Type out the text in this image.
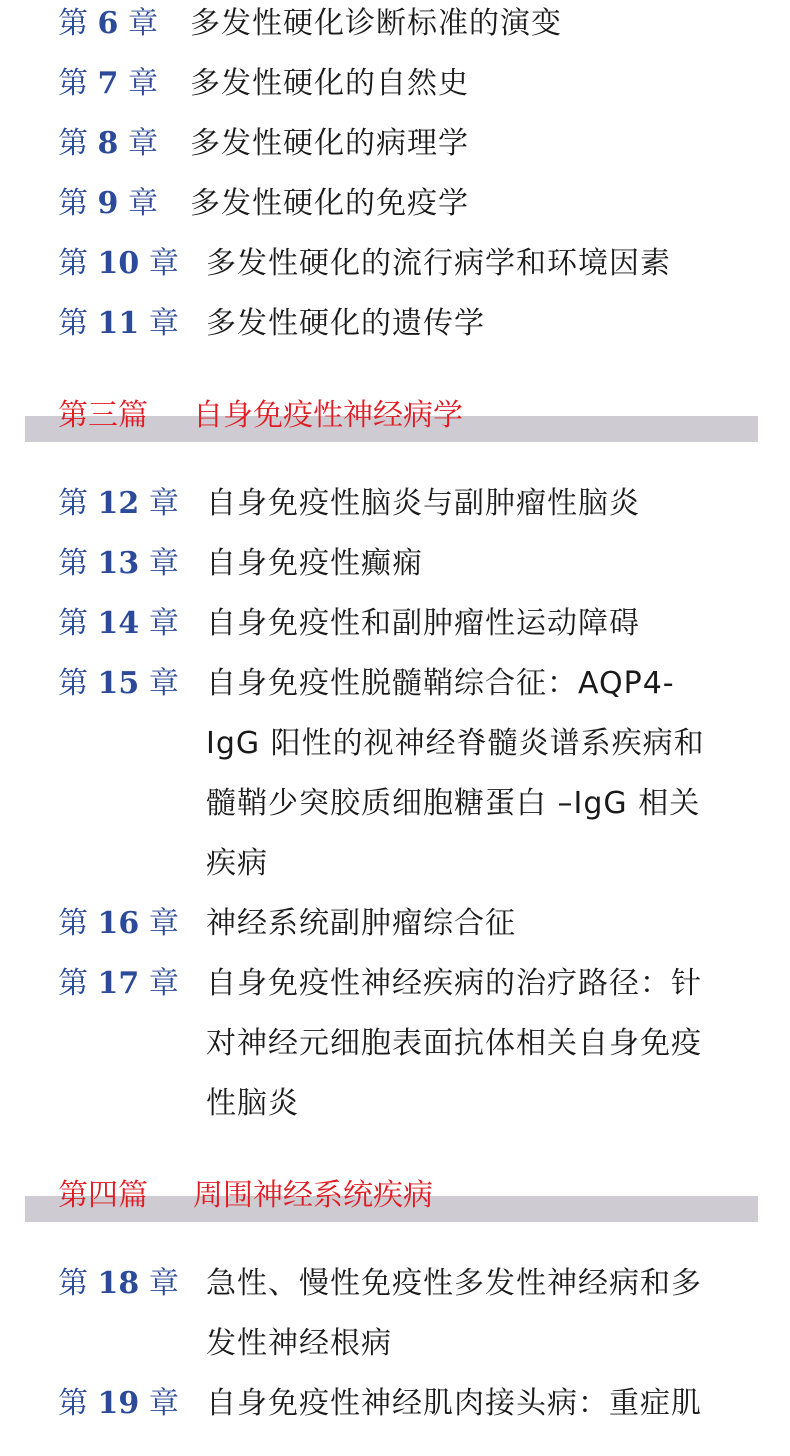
第 6 章 多发性硬化诊断标准的演变
第 7 章 多发性硬化的自然史
第 8 章 多发性硬化的病理学
第 9 章 多发性硬化的免疫学
第 10 章 多发性硬化的流行病学和环境因素
第 11 章 多发性硬化的遗传学
第三篇 自身免疫性神经病学
第 12 章 自身免疫性脑炎与副肿瘤性脑炎
第 13 章 自身免疫性癫痫
第 14 章 自身免疫性和副肿瘤性运动障碍
第 15 章 自身免疫性脱髓鞘综合征：AQP4-
IgG 阳性的视神经脊髓炎谱系疾病和
髓鞘少突胶质细胞糖蛋白 –IgG 相关
疾病
第 16 章 神经系统副肿瘤综合征
第 17 章 自身免疫性神经疾病的治疗路径：针
对神经元细胞表面抗体相关自身免疫
性脑炎
第四篇 周围神经系统疾病
第 18 章 急性、慢性免疫性多发性神经病和多
发性神经根病
第 19 章 自身免疫性神经肌肉接头病：重症肌
